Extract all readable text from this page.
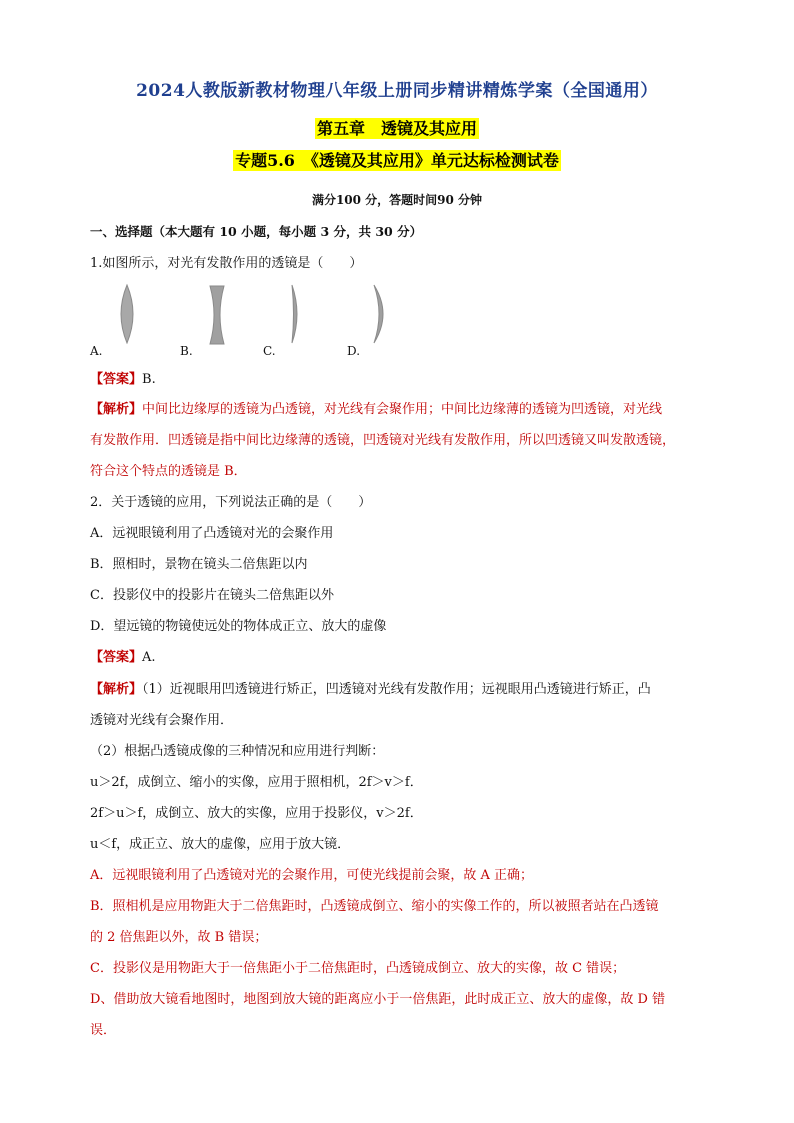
2024人教版新教材物理八年级上册同步精讲精炼学案（全国通用）
第五章　透镜及其应用
专题5.6　《透镜及其应用》单元达标检测试卷
满分100 分，答题时间90 分钟
一、选择题（本大题有 10 小题，每小题 3 分，共 30 分）
1.如图所示，对光有发散作用的透镜是（　　）
A.	B.	C.	D.
【答案】B.
【解析】中间比边缘厚的透镜为凸透镜，对光线有会聚作用；中间比边缘薄的透镜为凹透镜，对光线
有发散作用．凹透镜是指中间比边缘薄的透镜，凹透镜对光线有发散作用，所以凹透镜又叫发散透镜，
符合这个特点的透镜是 B．
2．关于透镜的应用，下列说法正确的是（　　）
A．远视眼镜利用了凸透镜对光的会聚作用
B．照相时，景物在镜头二倍焦距以内
C．投影仪中的投影片在镜头二倍焦距以外
D．望远镜的物镜使远处的物体成正立、放大的虚像
【答案】A.
【解析】（1）近视眼用凹透镜进行矫正，凹透镜对光线有发散作用；远视眼用凸透镜进行矫正，凸
透镜对光线有会聚作用．
（2）根据凸透镜成像的三种情况和应用进行判断：
u＞2f，成倒立、缩小的实像，应用于照相机，2f＞v＞f．
2f＞u＞f，成倒立、放大的实像，应用于投影仪，v＞2f．
u＜f，成正立、放大的虚像，应用于放大镜．
A．远视眼镜利用了凸透镜对光的会聚作用，可使光线提前会聚，故 A 正确；
B．照相机是应用物距大于二倍焦距时，凸透镜成倒立、缩小的实像工作的，所以被照者站在凸透镜
的 2 倍焦距以外，故 B 错误；
C．投影仪是用物距大于一倍焦距小于二倍焦距时，凸透镜成倒立、放大的实像，故 C 错误；
D、借助放大镜看地图时，地图到放大镜的距离应小于一倍焦距，此时成正立、放大的虚像，故 D 错
误．
